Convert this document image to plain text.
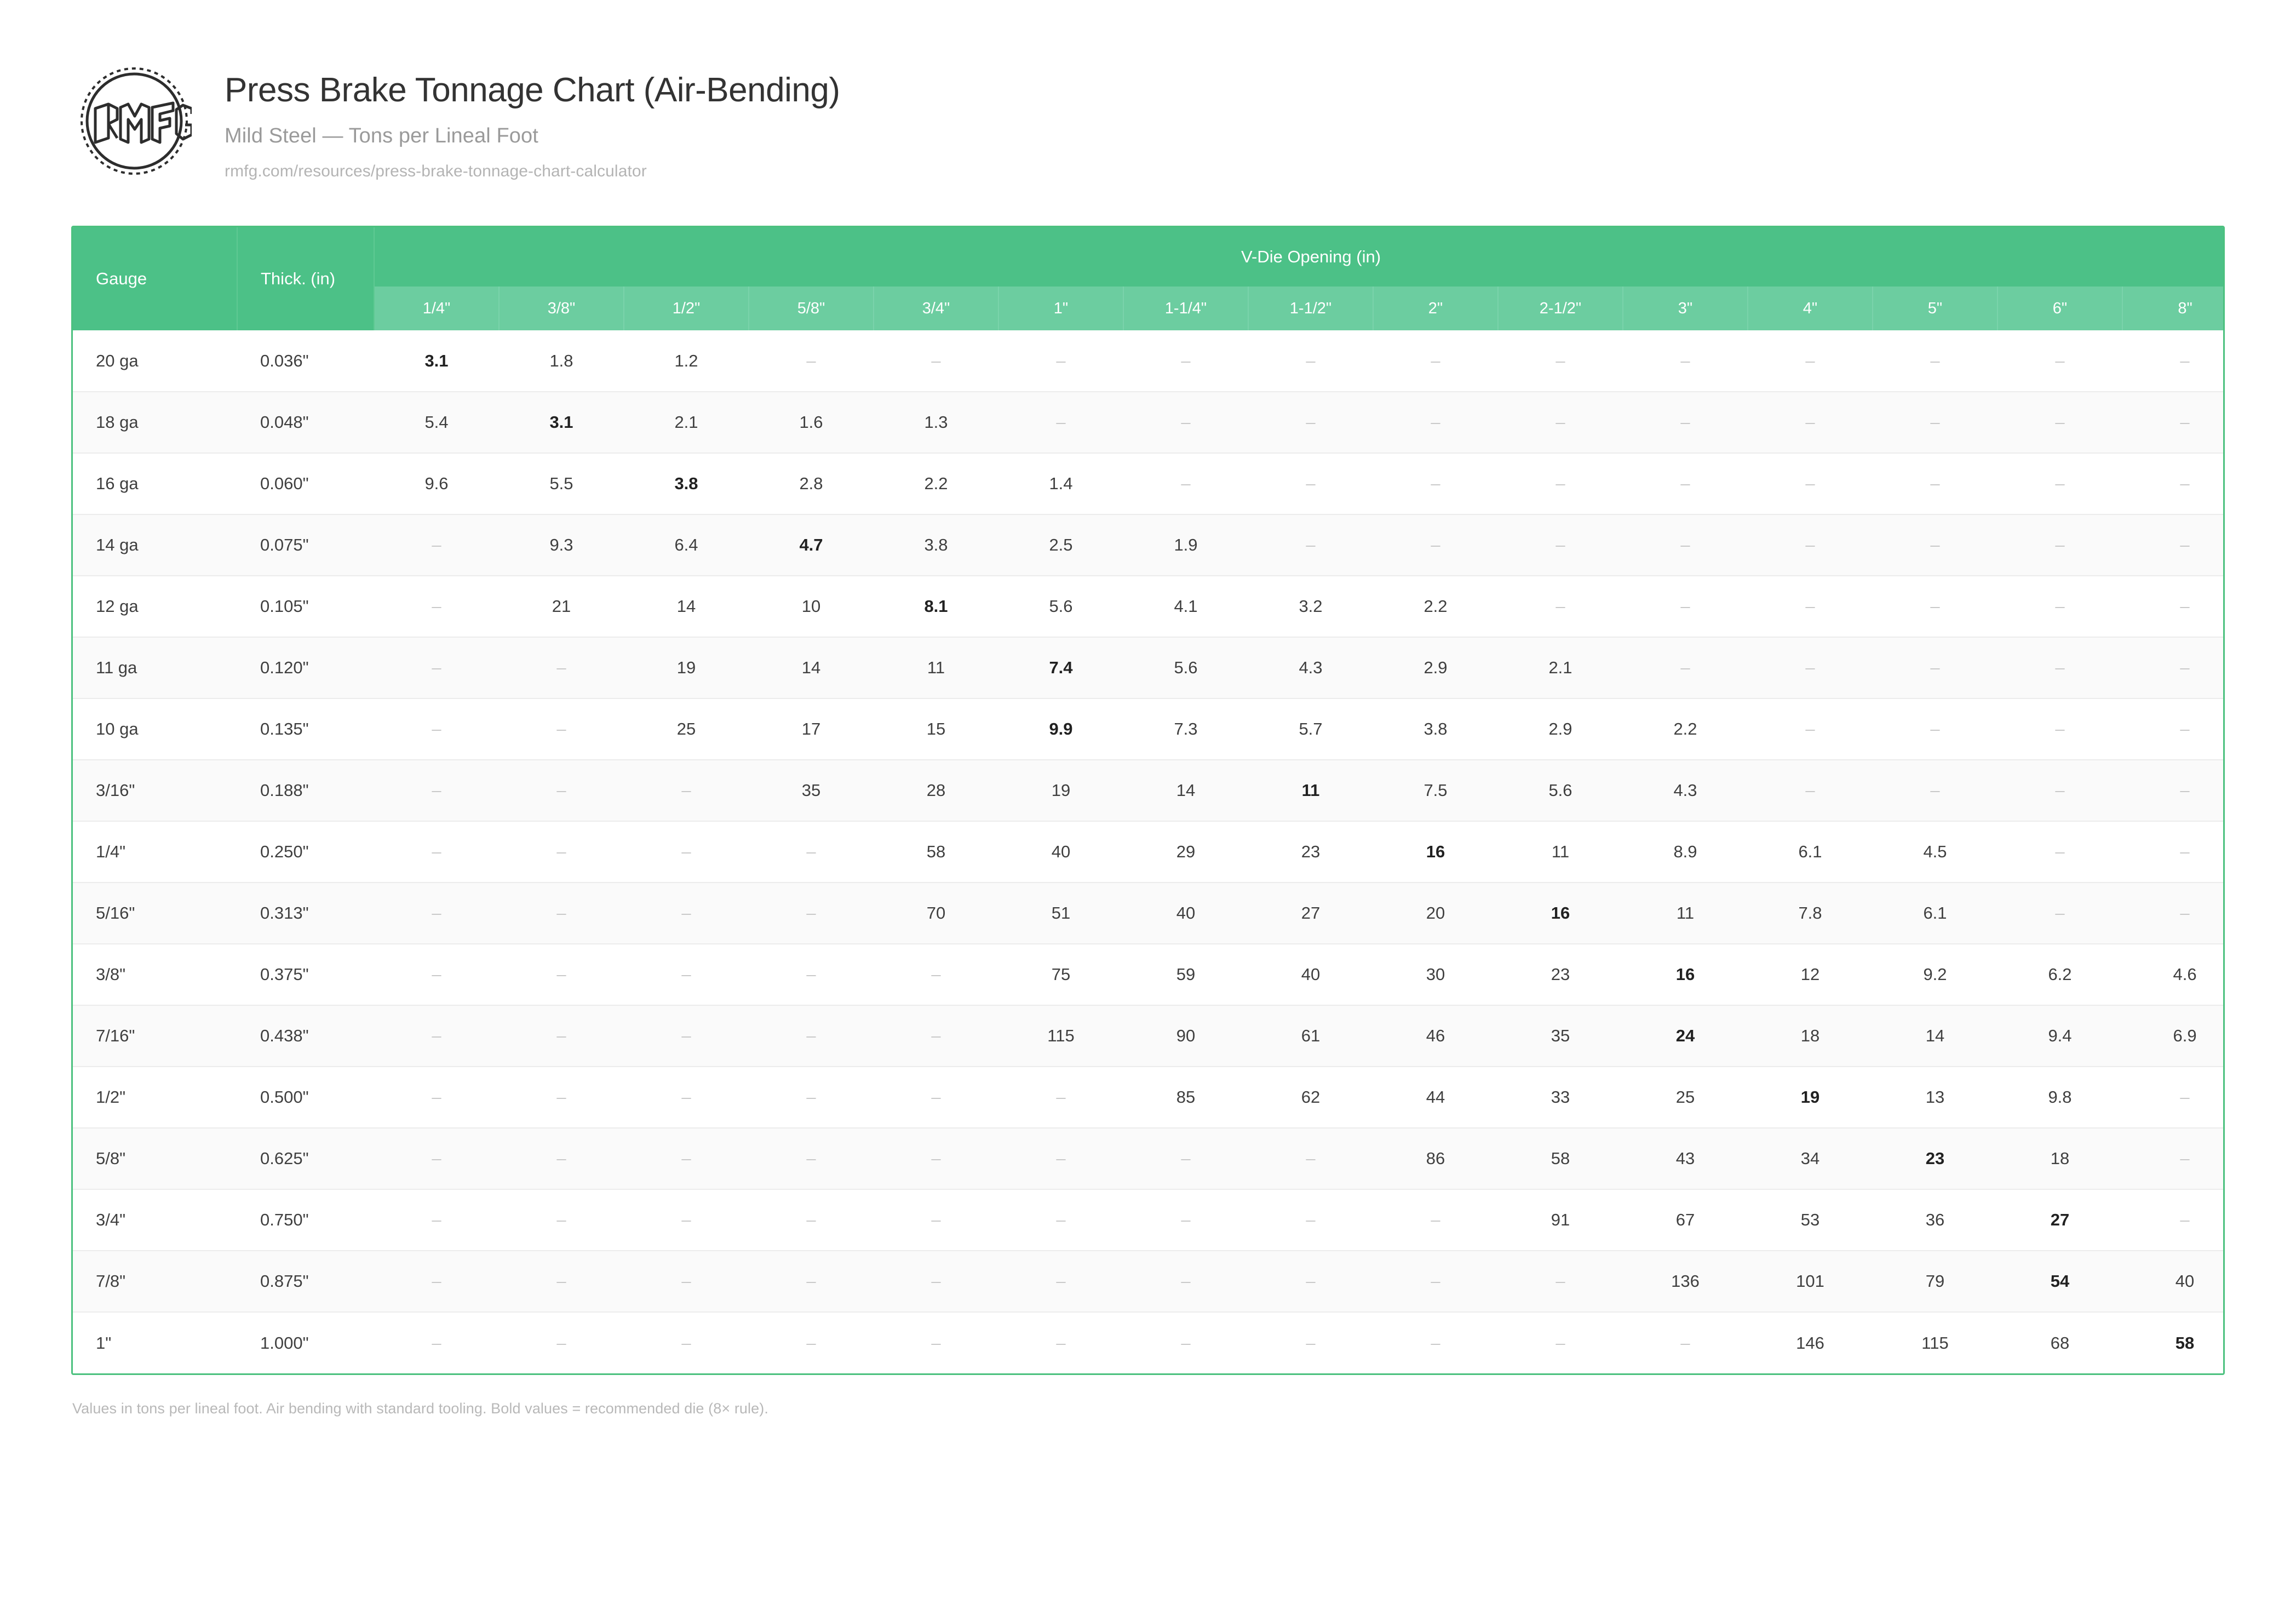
Press Brake Tonnage Chart (Air-Bending)
Mild Steel — Tons per Lineal Foot
rmfg.com/resources/press-brake-tonnage-chart-calculator
Gauge	Thick. (in)	V-Die Opening (in)														
		1/4"	3/8"	1/2"	5/8"	3/4"	1"	1-1/4"	1-1/2"	2"	2-1/2"	3"	4"	5"	6"	8"
20 ga	0.036"	3.1	1.8	1.2	–	–	–	–	–	–	–	–	–	–	–	–
18 ga	0.048"	5.4	3.1	2.1	1.6	1.3	–	–	–	–	–	–	–	–	–	–
16 ga	0.060"	9.6	5.5	3.8	2.8	2.2	1.4	–	–	–	–	–	–	–	–	–
14 ga	0.075"	–	9.3	6.4	4.7	3.8	2.5	1.9	–	–	–	–	–	–	–	–
12 ga	0.105"	–	21	14	10	8.1	5.6	4.1	3.2	2.2	–	–	–	–	–	–
11 ga	0.120"	–	–	19	14	11	7.4	5.6	4.3	2.9	2.1	–	–	–	–	–
10 ga	0.135"	–	–	25	17	15	9.9	7.3	5.7	3.8	2.9	2.2	–	–	–	–
3/16"	0.188"	–	–	–	35	28	19	14	11	7.5	5.6	4.3	–	–	–	–
1/4"	0.250"	–	–	–	–	58	40	29	23	16	11	8.9	6.1	4.5	–	–
5/16"	0.313"	–	–	–	–	70	51	40	27	20	16	11	7.8	6.1	–	–
3/8"	0.375"	–	–	–	–	–	75	59	40	30	23	16	12	9.2	6.2	4.6
7/16"	0.438"	–	–	–	–	–	115	90	61	46	35	24	18	14	9.4	6.9
1/2"	0.500"	–	–	–	–	–	–	85	62	44	33	25	19	13	9.8	–
5/8"	0.625"	–	–	–	–	–	–	–	–	86	58	43	34	23	18	–
3/4"	0.750"	–	–	–	–	–	–	–	–	–	91	67	53	36	27	–
7/8"	0.875"	–	–	–	–	–	–	–	–	–	–	136	101	79	54	40
1"	1.000"	–	–	–	–	–	–	–	–	–	–	–	146	115	68	58
Values in tons per lineal foot. Air bending with standard tooling. Bold values = recommended die (8× rule).
